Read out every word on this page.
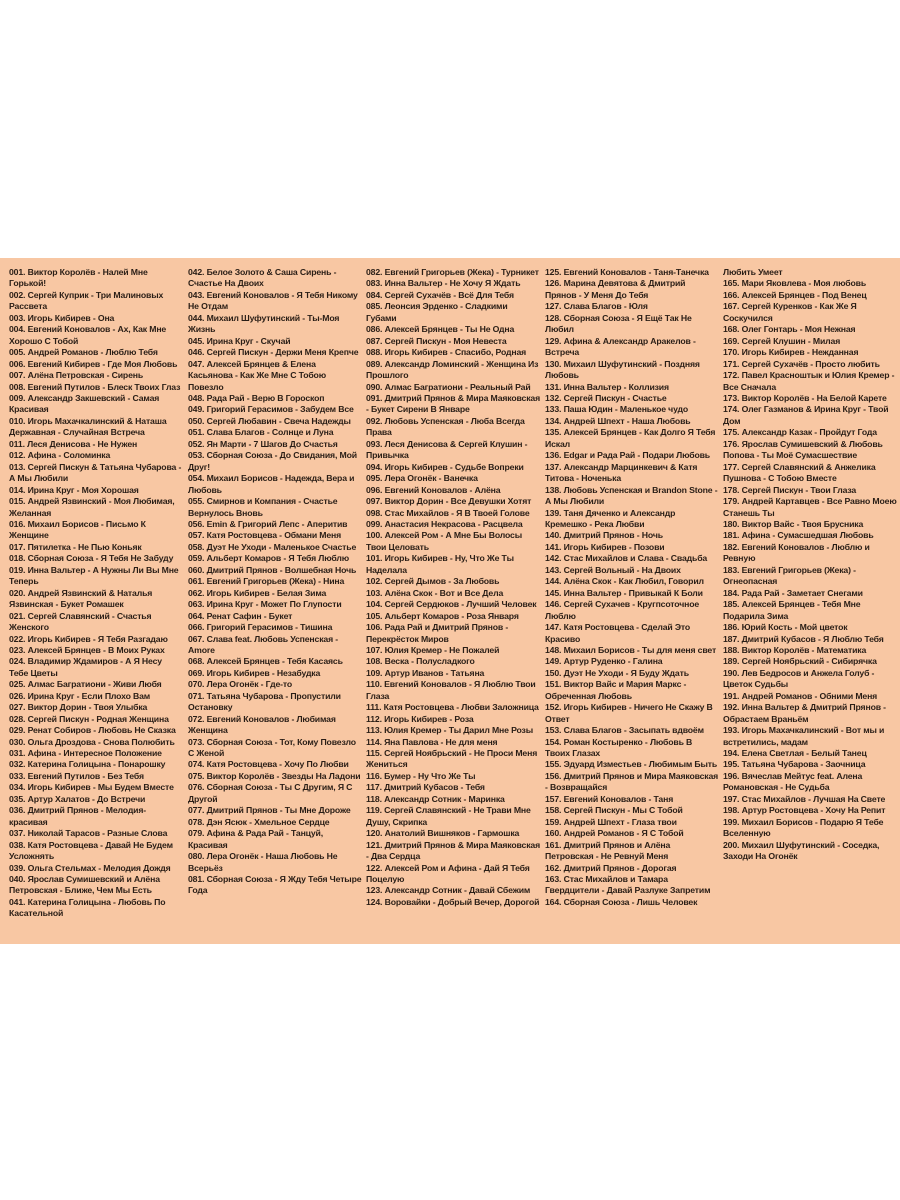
001. Виктор Королёв - Налей Мне Горькой!
002. Сергей Куприк - Три Малиновых Рассвета
003. Игорь Кибирев - Она
004. Евгений Коновалов - Ах, Как Мне Хорошо С Тобой
005. Андрей Романов - Люблю Тебя
006. Евгений Кибирев - Где Моя Любовь
007. Алёна Петровская - Сирень
008. Евгений Путилов - Блеск Твоих Глаз
009. Александр Закшевский - Самая Красивая
010. Игорь Махачкалинский & Наташа Державная - Случайная Встреча
011. Леся Денисова - Не Нужен
012. Афина - Соломинка
013. Сергей Пискун & Татьяна Чубарова - А Мы Любили
014. Ирина Круг - Моя Хорошая
015. Андрей Язвинский - Моя Любимая, Желанная
016. Михаил Борисов - Письмо К Женщине
017. Пятилетка - Не Пью Коньяк
018. Сборная Союза - Я Тебя Не Забуду
019. Инна Вальтер - А Нужны Ли Вы Мне Теперь
020. Андрей Язвинский & Наталья Язвинская - Букет Ромашек
021. Сергей Славянский - Счастья Женского
022. Игорь Кибирев - Я Тебя Разгадаю
023. Алексей Брянцев - В Моих Руках
024. Владимир Ждамиров - А Я Несу Тебе Цветы
025. Алмас Багратиони - Живи Любя
026. Ирина Круг - Если Плохо Вам
027. Виктор Дорин - Твоя Улыбка
028. Сергей Пискун - Родная Женщина
029. Ренат Собиров - Любовь Не Сказка
030. Ольга Дроздова - Снова Полюбить
031. Афина - Интересное Положение
032. Катерина Голицына - Понарошку
033. Евгений Путилов - Без Тебя
034. Игорь Кибирев - Мы Будем Вместе
035. Артур Халатов - До Встречи
036. Дмитрий Прянов - Мелодия-красивая
037. Николай Тарасов - Разные Слова
038. Катя Ростовцева - Давай Не Будем Усложнять
039. Ольга Стельмах - Мелодия Дождя
040. Ярослав Сумишевский и Алёна Петровская - Ближе, Чем Мы Есть
041. Катерина Голицына - Любовь По Касательной
042. Белое Золото & Саша Сирень - Счастье На Двоих
043. Евгений Коновалов - Я Тебя Никому Не Отдам
044. Михаил Шуфутинский - Ты-Моя Жизнь
045. Ирина Круг - Скучай
046. Сергей Пискун - Держи Меня Крепче
047. Алексей Брянцев & Елена Касьянова - Как Же Мне С Тобою Повезло
048. Рада Рай - Верю В Гороскоп
049. Григорий Герасимов - Забудем Все
050. Сергей Любавин - Свеча Надежды
051. Слава Благов - Солнце и Луна
052. Ян Марти - 7 Шагов До Счастья
053. Сборная Союза - До Свидания, Мой Друг!
054. Михаил Борисов - Надежда, Вера и Любовь
055. Смирнов и Компания - Счастье Вернулось Вновь
056. Emin & Григорий Лепс - Аперитив
057. Катя Ростовцева - Обмани Меня
058. Дуэт Не Уходи - Маленькое Счастье
059. Альберт Комаров - Я Тебя Люблю
060. Дмитрий Прянов - Волшебная Ночь
061. Евгений Григорьев (Жека) - Нина
062. Игорь Кибирев - Белая Зима
063. Ирина Круг - Может По Глупости
064. Ренат Сафин - Букет
066. Григорий Герасимов - Тишина
067. Слава feat. Любовь Успенская - Amore
068. Алексей Брянцев - Тебя Касаясь
069. Игорь Кибирев - Незабудка
070. Лера Огонёк - Где-то
071. Татьяна Чубарова - Пропустили Остановку
072. Евгений Коновалов - Любимая Женщина
073. Сборная Союза - Тот, Кому Повезло С Женой
074. Катя Ростовцева - Хочу По Любви
075. Виктор Королёв - Звезды На Ладони
076. Сборная Союза - Ты С Другим, Я С Другой
077. Дмитрий Прянов - Ты Мне Дороже
078. Дэн Ясюк - Хмельное Сердце
079. Афина & Рада Рай - Танцуй, Красивая
080. Лера Огонёк - Наша Любовь Не Всерьёз
081. Сборная Союза - Я Жду Тебя Четыре Года
082. Евгений Григорьев (Жека) - Турникет
083. Инна Вальтер - Не Хочу Я Ждать
084. Сергей Сухачёв - Всё Для Тебя
085. Леонсия Эрденко - Сладкими Губами
086. Алексей Брянцев - Ты Не Одна
087. Сергей Пискун - Моя Невеста
088. Игорь Кибирев - Спасибо, Родная
089. Александр Ломинский - Женщина Из Прошлого
090. Алмас Багратиони - Реальный Рай
091. Дмитрий Прянов & Мира Маяковская - Букет Сирени В Январе
092. Любовь Успенская - Люба Всегда Права
093. Леся Денисова & Сергей Клушин - Привычка
094. Игорь Кибирев - Судьбе Вопреки
095. Лера Огонёк - Ванечка
096. Евгений Коновалов - Алёна
097. Виктор Дорин - Все Девушки Хотят
098. Стас Михайлов - Я В Твоей Голове
099. Анастасия Некрасова - Расцвела
100. Алексей Ром - А Мне Бы Волосы Твои Целовать
101. Игорь Кибирев - Ну, Что Же Ты Наделала
102. Сергей Дымов - За Любовь
103. Алёна Скок - Вот и Все Дела
104. Сергей Сердюков - Лучший Человек
105. Альберт Комаров - Роза Января
106. Рада Рай и Дмитрий Прянов - Перекрёсток Миров
107. Юлия Кремер - Не Пожалей
108. Веска - Полусладкого
109. Артур Иванов - Татьяна
110. Евгений Коновалов - Я Люблю Твои Глаза
111. Катя Ростовцева - Любви Заложница
112. Игорь Кибирев - Роза
113. Юлия Кремер - Ты Дарил Мне Розы
114. Яна Павлова - Не для меня
115. Сергей Ноябрьский - Не Проси Меня Жениться
116. Бумер - Ну Что Же Ты
117. Дмитрий Кубасов - Тебя
118. Александр Сотник - Маринка
119. Сергей Славянский - Не Трави Мне Душу, Скрипка
120. Анатолий Вишняков - Гармошка
121. Дмитрий Прянов & Мира Маяковская - Два Сердца
122. Алексей Ром и Афина - Дай Я Тебя Поцелую
123. Александр Сотник - Давай Сбежим
124. Воровайки - Добрый Вечер, Дорогой
125. Евгений Коновалов - Таня-Танечка
126. Марина Девятова & Дмитрий Прянов - У Меня До Тебя
127. Слава Благов - Юля
128. Сборная Союза - Я Ещё Так Не Любил
129. Афина & Александр Аракелов - Встреча
130. Михаил Шуфутинский - Поздняя Любовь
131. Инна Вальтер - Коллизия
132. Сергей Пискун - Счастье
133. Паша Юдин - Маленькое чудо
134. Андрей Шпехт - Наша Любовь
135. Алексей Брянцев - Как Долго Я Тебя Искал
136. Edgar и Рада Рай - Подари Любовь
137. Александр Марцинкевич & Катя Титова - Ноченька
138. Любовь Успенская и Brandon Stone - А Мы Любили
139. Таня Дяченко и Александр Кремешко - Река Любви
140. Дмитрий Прянов - Ночь
141. Игорь Кибирев - Позови
142. Стас Михайлов и Слава - Свадьба
143. Сергей Вольный - На Двоих
144. Алёна Скок - Как Любил, Говорил
145. Инна Вальтер - Привыкай К Боли
146. Сергей Сухачев - Кругпсоточное Люблю
147. Катя Ростовцева - Сделай Это Красиво
148. Михаил Борисов - Ты для меня свет
149. Артур Руденко - Галина
150. Дуэт Не Уходи - Я Буду Ждать
151. Виктор Вайс и Мария Маркс - Обреченная Любовь
152. Игорь Кибирев - Ничего Не Скажу В Ответ
153. Слава Благов - Засыпать вдвоём
154. Роман Костыренко - Любовь В Твоих Глазах
155. Эдуард Изместьев - Любимым Быть
156. Дмитрий Прянов и Мира Маяковская - Возвращайся
157. Евгений Коновалов - Таня
158. Сергей Пискун - Мы С Тобой
159. Андрей Шпехт - Глаза твои
160. Андрей Романов - Я С Тобой
161. Дмитрий Прянов и Алёна Петровская - Не Ревнуй Меня
162. Дмитрий Прянов - Дорогая
163. Стас Михайлов и Тамара Гвердцители - Давай Разлуке Запретим
164. Сборная Союза - Лишь Человек
Любить Умеет
165. Мари Яковлева - Моя любовь
166. Алексей Брянцев - Под Венец
167. Сергей Куренков - Как Же Я Соскучился
168. Олег Гонтарь - Моя Нежная
169. Сергей Клушин - Милая
170. Игорь Кибирев - Нежданная
171. Сергей Сухачёв - Просто любить
172. Павел Красноштык и Юлия Кремер - Все Сначала
173. Виктор Королёв - На Белой Карете
174. Олег Газманов & Ирина Круг - Твой Дом
175. Александр Казак - Пройдут Года
176. Ярослав Сумишевский & Любовь Попова - Ты Моё Сумасшествие
177. Сергей Славянский & Анжелика Пушнова - С Тобою Вместе
178. Сергей Пискун - Твои Глаза
179. Андрей Картавцев - Все Равно Моею Станешь Ты
180. Виктор Вайс - Твоя Брусника
181. Афина - Сумасшедшая Любовь
182. Евгений Коновалов - Люблю и Ревную
183. Евгений Григорьев (Жека) - Огнеопасная
184. Рада Рай - Заметает Снегами
185. Алексей Брянцев - Тебя Мне Подарила Зима
186. Юрий Кость - Мой цветок
187. Дмитрий Кубасов - Я Люблю Тебя
188. Виктор Королёв - Математика
189. Сергей Ноябрьский - Сибирячка
190. Лев Бедросов и Анжела Голуб - Цветок Судьбы
191. Андрей Романов - Обними Меня
192. Инна Вальтер & Дмитрий Прянов - Обрастаем Враньём
193. Игорь Махачкалинский - Вот мы и встретились, мадам
194. Елена Светлая - Белый Танец
195. Татьяна Чубарова - Заочница
196. Вячеслав Мейтус feat. Алена Романовская - Не Судьба
197. Стас Михайлов - Лучшая На Свете
198. Артур Ростовцева - Хочу На Репит
199. Михаил Борисов - Подарю Я Тебе Вселенную
200. Михаил Шуфутинский - Соседка, Заходи На Огонёк
